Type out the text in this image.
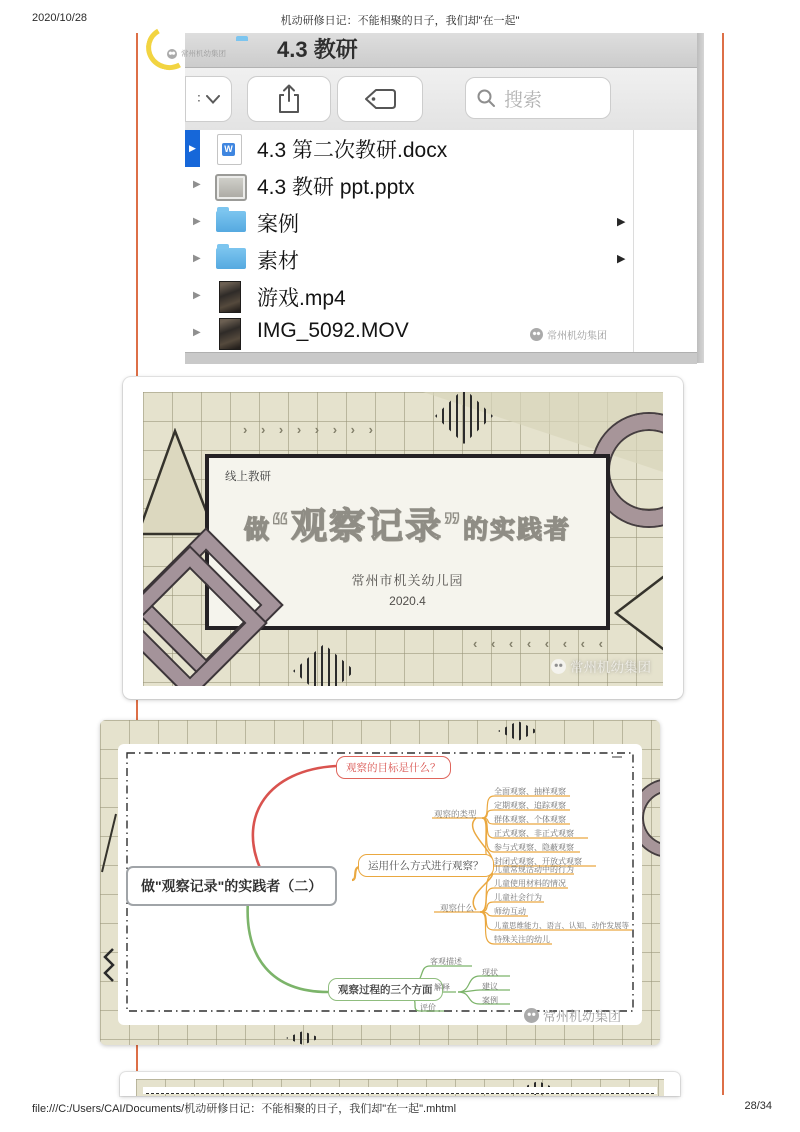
2020/10/28	机动研修日记：不能相聚的日子，我们却"在一起"
常州机幼集团 4.3 教研
∶	搜索
▶	W 4.3 第二次教研.docx
▶	4.3 教研 ppt.pptx
▶	案例	▶
▶	素材	▶
▶	游戏.mp4
▶	IMG_5092.MOV	常州机幼集团
› › › › › › › ›
‹ ‹ ‹ ‹ ‹ ‹ ‹ ‹
线上教研
做“观察记录”的实践者
常州市机关幼儿园
2020.4
常州机幼集团
做"观察记录"的实践者（二）
观察的目标是什么？
运用什么方式进行观察？
观察过程的三个方面
观察的类型
全面观察、抽样观察
定期观察、追踪观察
群体观察、个体观察
正式观察、非正式观察
参与式观察、隐蔽观察
封闭式观察、开放式观察
观察什么
儿童常规活动中的行为
儿童使用材料的情况
儿童社会行为
师幼互动
儿童思维能力、语言、认知、动作发展等
特殊关注的幼儿
客观描述
解释
现状
建议
案例
评价
常州机幼集团
file:///C:/Users/CAI/Documents/机动研修日记：不能相聚的日子，我们却"在一起".mhtml	28/34
